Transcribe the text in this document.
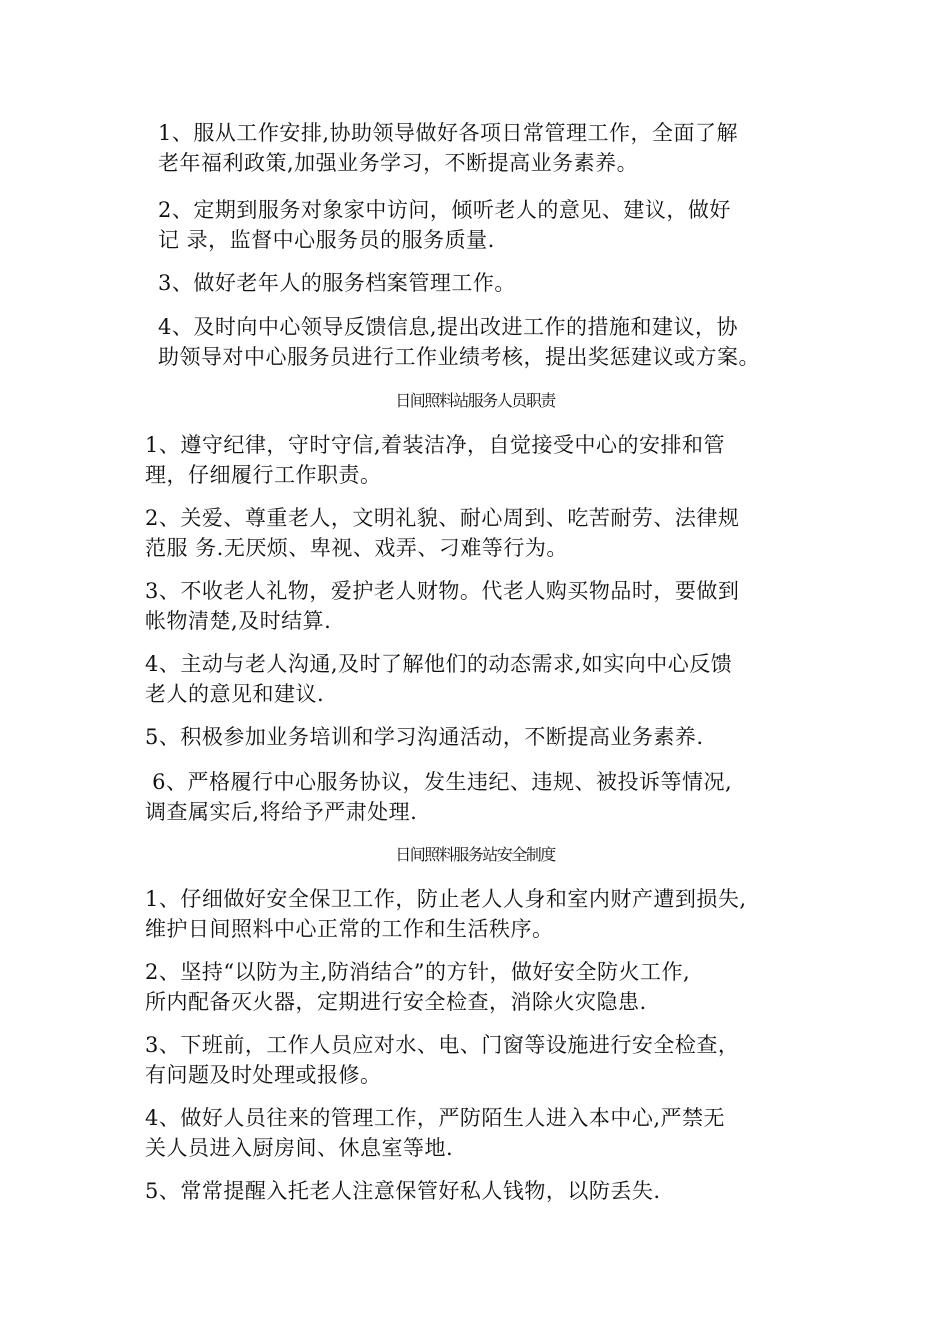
1、服从工作安排,协助领导做好各项日常管理工作，全面了解

老年福利政策,加强业务学习，不断提高业务素养。

2、定期到服务对象家中访问，倾听老人的意见、建议，做好

记 录，监督中心服务员的服务质量.

3、做好老年人的服务档案管理工作。

4、及时向中心领导反馈信息,提出改进工作的措施和建议，协

助领导对中心服务员进行工作业绩考核，提出奖惩建议或方案。

日间照料站服务人员职责

1、遵守纪律，守时守信,着装洁净，自觉接受中心的安排和管

理，仔细履行工作职责。

2、关爱、尊重老人，文明礼貌、耐心周到、吃苦耐劳、法律规

范服 务.无厌烦、卑视、戏弄、刁难等行为。

3、不收老人礼物，爱护老人财物。代老人购买物品时，要做到

帐物清楚,及时结算.

4、主动与老人沟通,及时了解他们的动态需求,如实向中心反馈

老人的意见和建议.

5、积极参加业务培训和学习沟通活动，不断提高业务素养.

6、严格履行中心服务协议，发生违纪、违规、被投诉等情况,

调查属实后,将给予严肃处理.

日间照料服务站安全制度

1、仔细做好安全保卫工作，防止老人人身和室内财产遭到损失,

维护日间照料中心正常的工作和生活秩序。

2、坚持“以防为主,防消结合”的方针，做好安全防火工作,

所内配备灭火器，定期进行安全检查，消除火灾隐患.

3、下班前，工作人员应对水、电、门窗等设施进行安全检查，

有问题及时处理或报修。

4、做好人员往来的管理工作，严防陌生人进入本中心,严禁无

关人员进入厨房间、休息室等地.

5、常常提醒入托老人注意保管好私人钱物，以防丢失.
